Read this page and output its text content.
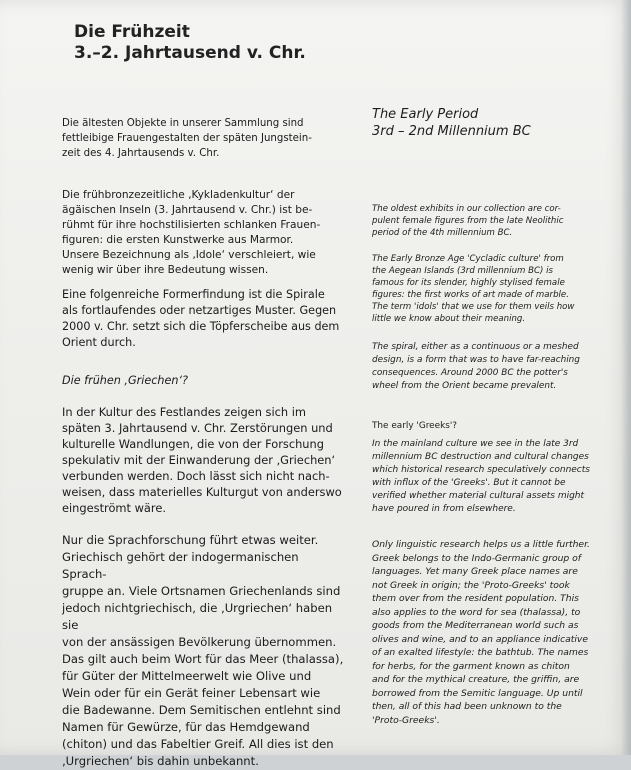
Die Frühzeit
3.–2. Jahrtausend v. Chr.
Die ältesten Objekte in unserer Sammlung sind
fettleibige Frauengestalten der späten Jungstein-
zeit des 4. Jahrtausends v. Chr.
Die frühbronzezeitliche ‚Kykladenkultur‘ der
ägäischen Inseln (3. Jahrtausend v. Chr.) ist be-
rühmt für ihre hochstilisierten schlanken Frauen-
figuren: die ersten Kunstwerke aus Marmor.
Unsere Bezeichnung als ‚Idole‘ verschleiert, wie
wenig wir über ihre Bedeutung wissen.
Eine folgenreiche Formerfindung ist die Spirale
als fortlaufendes oder netzartiges Muster. Gegen
2000 v. Chr. setzt sich die Töpferscheibe aus dem
Orient durch.
Die frühen ‚Griechen‘?
In der Kultur des Festlandes zeigen sich im
späten 3. Jahrtausend v. Chr. Zerstörungen und
kulturelle Wandlungen, die von der Forschung
spekulativ mit der Einwanderung der ‚Griechen‘
verbunden werden. Doch lässt sich nicht nach-
weisen, dass materielles Kulturgut von anderswo
eingeströmt wäre.
Nur die Sprachforschung führt etwas weiter.
Griechisch gehört der indogermanischen Sprach-
gruppe an. Viele Ortsnamen Griechenlands sind
jedoch nichtgriechisch, die ‚Urgriechen‘ haben sie
von der ansässigen Bevölkerung übernommen.
Das gilt auch beim Wort für das Meer (thalassa),
für Güter der Mittelmeerwelt wie Olive und
Wein oder für ein Gerät feiner Lebensart wie
die Badewanne. Dem Semitischen entlehnt sind
Namen für Gewürze, für das Hemdgewand
(chiton) und das Fabeltier Greif. All dies ist den
‚Urgriechen‘ bis dahin unbekannt.
The Early Period
3rd – 2nd Millennium BC
The oldest exhibits in our collection are cor-
pulent female figures from the late Neolithic
period of the 4th millennium BC.
The Early Bronze Age 'Cycladic culture' from
the Aegean Islands (3rd millennium BC) is
famous for its slender, highly stylised female
figures: the first works of art made of marble.
The term 'idols' that we use for them veils how
little we know about their meaning.
The spiral, either as a continuous or a meshed
design, is a form that was to have far-reaching
consequences. Around 2000 BC the potter's
wheel from the Orient became prevalent.
The early 'Greeks'?
In the mainland culture we see in the late 3rd
millennium BC destruction and cultural changes
which historical research speculatively connects
with influx of the 'Greeks'. But it cannot be
verified whether material cultural assets might
have poured in from elsewhere.
Only linguistic research helps us a little further.
Greek belongs to the Indo-Germanic group of
languages. Yet many Greek place names are
not Greek in origin; the 'Proto-Greeks' took
them over from the resident population. This
also applies to the word for sea (thalassa), to
goods from the Mediterranean world such as
olives and wine, and to an appliance indicative
of an exalted lifestyle: the bathtub. The names
for herbs, for the garment known as chiton
and for the mythical creature, the griffin, are
borrowed from the Semitic language. Up until
then, all of this had been unknown to the
'Proto-Greeks'.
